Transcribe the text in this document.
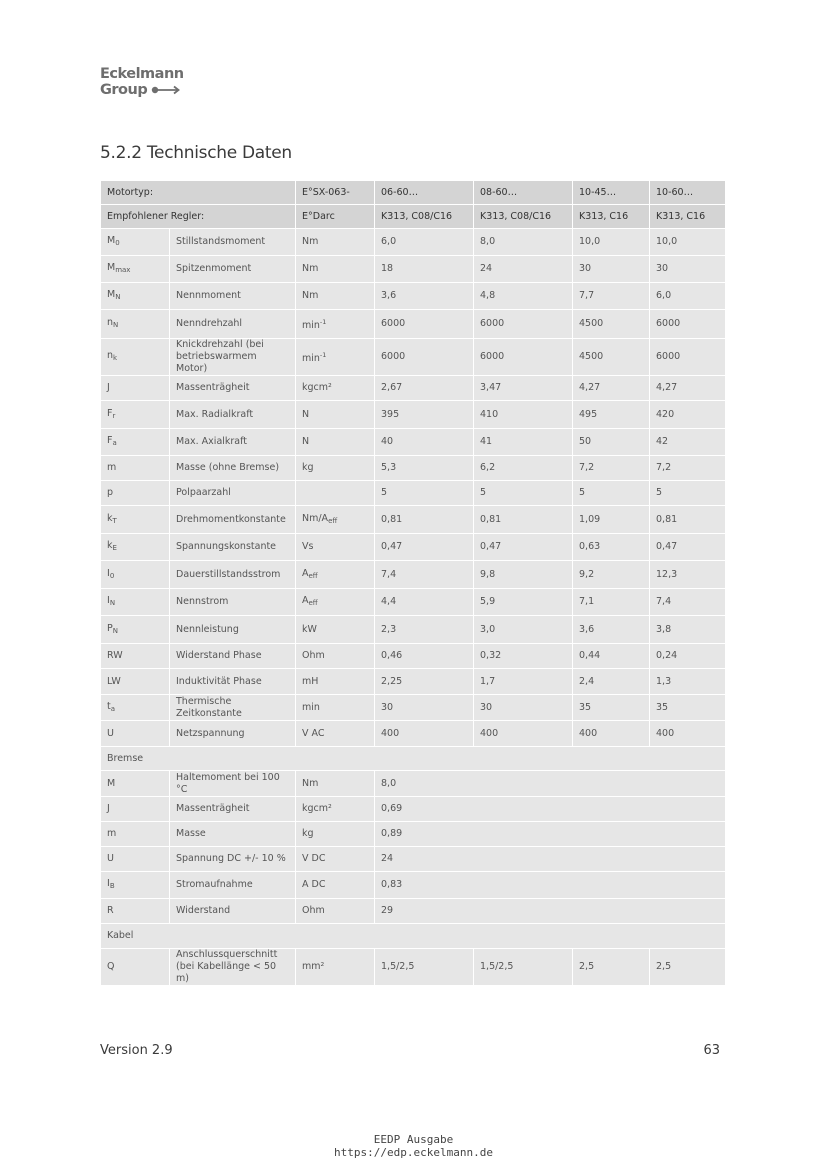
Eckelmann
Group
5.2.2 Technische Daten
Motortyp:		E°SX-063-	06-60…	08-60…	10-45…	10-60…
Empfohlener Regler:		E°Darc	K313, C08/C16	K313, C08/C16	K313, C16	K313, C16
$M_0$	Stillstandsmoment	Nm	6,0	8,0	10,0	10,0
$M_{max}$	Spitzenmoment	Nm	18	24	30	30
$M_N$	Nennmoment	Nm	3,6	4,8	7,7	6,0
$n_N$	Nenndrehzahl	$\min^{-1}$	6000	6000	4500	6000
$n_k$	Knickdrehzahl (bei betriebswarmem Motor)	$\min^{-1}$	6000	6000	4500	6000
J	Massenträgheit	kgcm²	2,67	3,47	4,27	4,27
$F_r$	Max. Radialkraft	N	395	410	495	420
$F_a$	Max. Axialkraft	N	40	41	50	42
m	Masse (ohne Bremse)	kg	5,3	6,2	7,2	7,2
p	Polpaarzahl		5	5	5	5
$k_T$	Drehmomentkonstante	$Nm/A_{eff}$	0,81	0,81	1,09	0,81
$k_E$	Spannungskonstante	Vs	0,47	0,47	0,63	0,47
$I_0$	Dauerstillstandsstrom	$A_{eff}$	7,4	9,8	9,2	12,3
$I_N$	Nennstrom	$A_{eff}$	4,4	5,9	7,1	7,4
$P_N$	Nennleistung	kW	2,3	3,0	3,6	3,8
RW	Widerstand Phase	Ohm	0,46	0,32	0,44	0,24
LW	Induktivität Phase	mH	2,25	1,7	2,4	1,3
$t_a$	Thermische Zeitkonstante	min	30	30	35	35
U	Netzspannung	V AC	400	400	400	400
Bremse						
M	Haltemoment bei 100 °C	Nm	8,0			
J	Massenträgheit	kgcm²	0,69			
m	Masse	kg	0,89			
U	Spannung DC +/- 10 %	V DC	24			
$I_B$	Stromaufnahme	A DC	0,83			
R	Widerstand	Ohm	29			
Kabel						
Q	Anschlussquerschnitt (bei Kabellänge < 50 m)	mm²	1,5/2,5	1,5/2,5	2,5	2,5
Version 2.9	63
EEDP Ausgabe
https://edp.eckelmann.de
